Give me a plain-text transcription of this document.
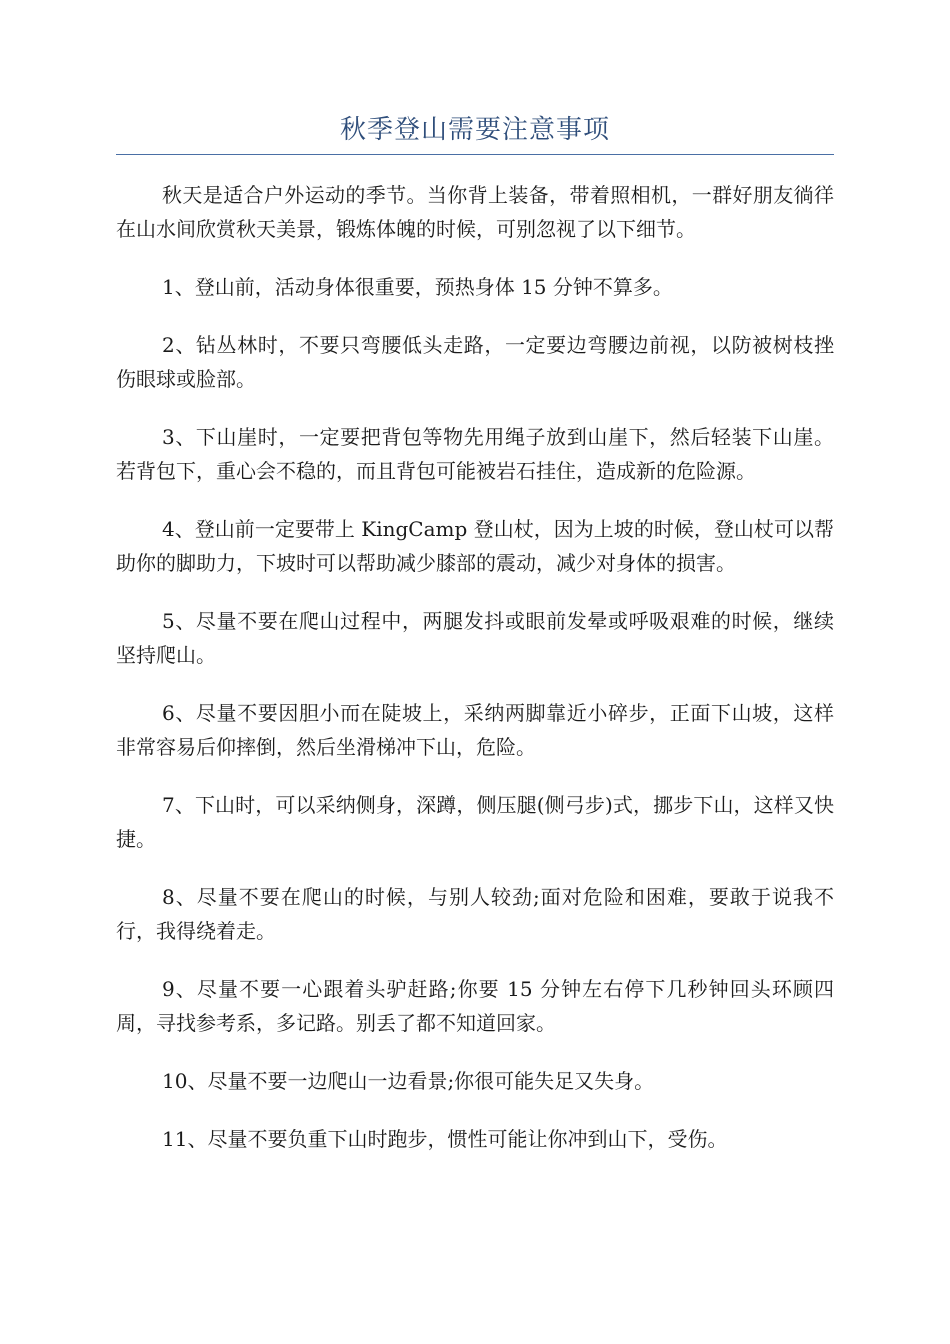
秋季登山需要注意事项

秋天是适合户外运动的季节。当你背上装备，带着照相机，一群好朋友徜徉在山水间欣赏秋天美景，锻炼体魄的时候，可别忽视了以下细节。

1、登山前，活动身体很重要，预热身体 15 分钟不算多。

2、钻丛林时，不要只弯腰低头走路，一定要边弯腰边前视，以防被树枝挫伤眼球或脸部。

3、下山崖时，一定要把背包等物先用绳子放到山崖下，然后轻装下山崖。若背包下，重心会不稳的，而且背包可能被岩石挂住，造成新的危险源。

4、登山前一定要带上 KingCamp 登山杖，因为上坡的时候，登山杖可以帮助你的脚助力，下坡时可以帮助减少膝部的震动，减少对身体的损害。

5、尽量不要在爬山过程中，两腿发抖或眼前发晕或呼吸艰难的时候，继续坚持爬山。

6、尽量不要因胆小而在陡坡上，采纳两脚靠近小碎步，正面下山坡，这样非常容易后仰摔倒，然后坐滑梯冲下山，危险。

7、下山时，可以采纳侧身，深蹲，侧压腿(侧弓步)式，挪步下山，这样又快捷。

8、尽量不要在爬山的时候，与别人较劲;面对危险和困难，要敢于说我不行，我得绕着走。

9、尽量不要一心跟着头驴赶路;你要 15 分钟左右停下几秒钟回头环顾四周，寻找参考系，多记路。别丢了都不知道回家。

10、尽量不要一边爬山一边看景;你很可能失足又失身。

11、尽量不要负重下山时跑步，惯性可能让你冲到山下，受伤。
